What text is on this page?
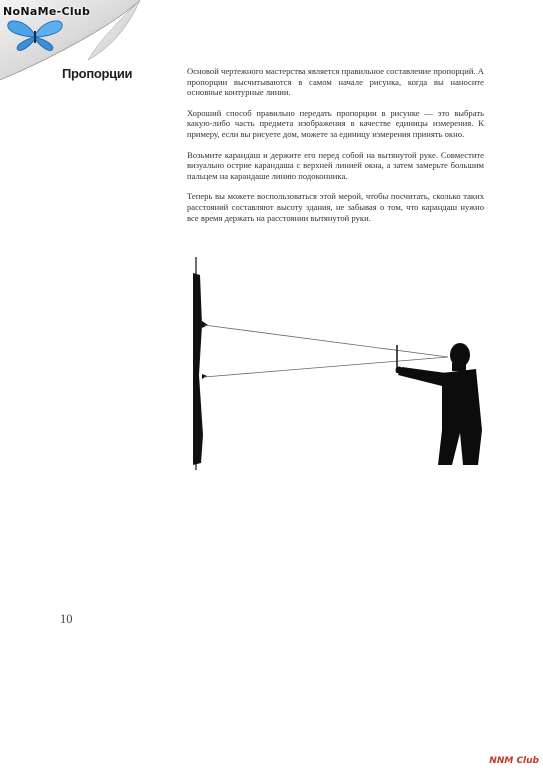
NoNaMe-Club
Пропорции	Основой чертежного мастерства является правильное составление пропорций. А пропорции высчитываются в самом начале рисунка, когда вы наносите основные контурные линии.

Хороший способ правильно передать пропорции в рисунке — это выбрать какую-либо часть предмета изображения в качестве единицы измерения. К примеру, если вы рисуете дом, можете за единицу измерения принять окно.

Возьмите карандаш и держите его перед собой на вытянутой руке. Совместите визуально острие карандаша с верхней линией окна, а затем замерьте большим пальцем на карандаше линию подоконника.

Теперь вы можете воспользоваться этой мерой, чтобы посчитать, сколько таких расстояний составляют высоту здания, не забывая о том, что карандаш нужно все время держать на расстоянии вытянутой руки.

10
NNM Club
